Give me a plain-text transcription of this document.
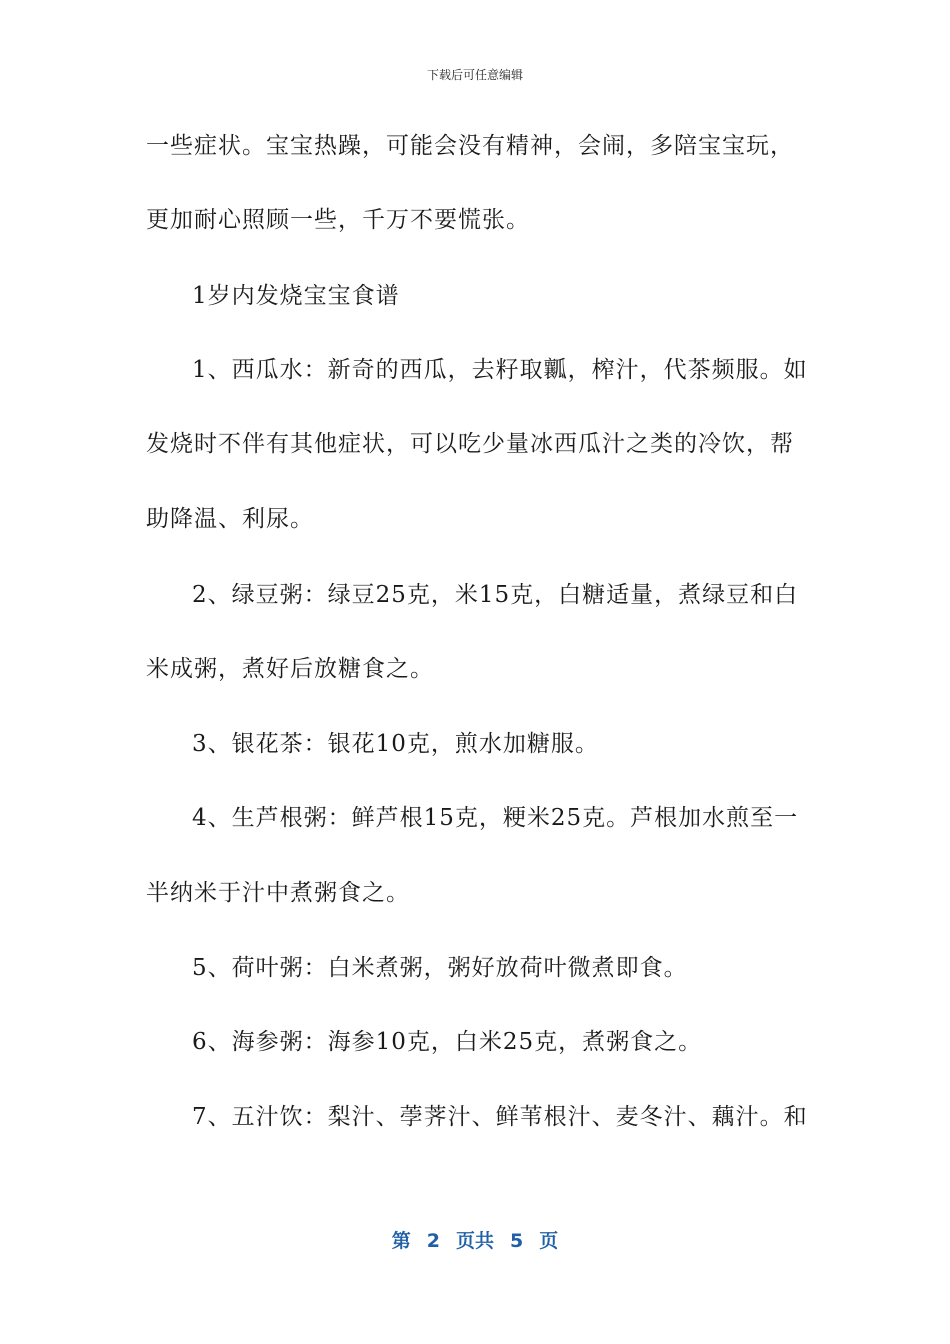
下载后可任意编辑
一些症状。宝宝热躁，可能会没有精神，会闹，多陪宝宝玩，
更加耐心照顾一些，千万不要慌张。
1岁内发烧宝宝食谱
1、西瓜水：新奇的西瓜，去籽取瓤，榨汁，代茶频服。如
发烧时不伴有其他症状，可以吃少量冰西瓜汁之类的冷饮，帮
助降温、利尿。
2、绿豆粥：绿豆25克，米15克，白糖适量，煮绿豆和白
米成粥，煮好后放糖食之。
3、银花茶：银花10克，煎水加糖服。
4、生芦根粥：鲜芦根15克，粳米25克。芦根加水煎至一
半纳米于汁中煮粥食之。
5、荷叶粥：白米煮粥，粥好放荷叶微煮即食。
6、海参粥：海参10克，白米25克，煮粥食之。
7、五汁饮：梨汁、荸荠汁、鲜苇根汁、麦冬汁、藕汁。和
第 2 页共 5 页
